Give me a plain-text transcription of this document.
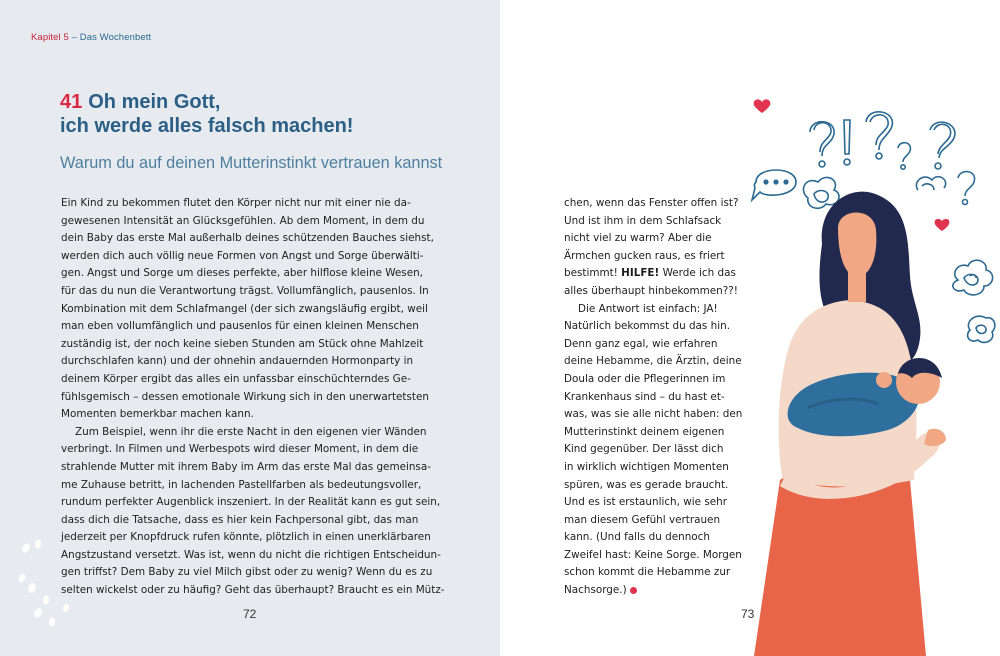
Kapitel 5 – Das Wochenbett
41 Oh mein Gott,
ich werde alles falsch machen!
Warum du auf deinen Mutterinstinkt vertrauen kannst
72	73
Ein Kind zu bekommen flutet den Körper nicht nur mit einer nie da-
gewesenen Intensität an Glücksgefühlen. Ab dem Moment, in dem du
dein Baby das erste Mal außerhalb deines schützenden Bauches siehst,
werden dich auch völlig neue Formen von Angst und Sorge überwälti-
gen. Angst und Sorge um dieses perfekte, aber hilflose kleine Wesen,
für das du nun die Verantwortung trägst. Vollumfänglich, pausenlos. In
Kombination mit dem Schlafmangel (der sich zwangsläufig ergibt, weil
man eben vollumfänglich und pausenlos für einen kleinen Menschen
zuständig ist, der noch keine sieben Stunden am Stück ohne Mahlzeit
durchschlafen kann) und der ohnehin andauernden Hormonparty in
deinem Körper ergibt das alles ein unfassbar einschüchterndes Ge-
fühlsgemisch – dessen emotionale Wirkung sich in den unerwartetsten
Momenten bemerkbar machen kann.
Zum Beispiel, wenn ihr die erste Nacht in den eigenen vier Wänden
verbringt. In Filmen und Werbespots wird dieser Moment, in dem die
strahlende Mutter mit ihrem Baby im Arm das erste Mal das gemeinsa-
me Zuhause betritt, in lachenden Pastellfarben als bedeutungsvoller,
rundum perfekter Augenblick inszeniert. In der Realität kann es gut sein,
dass dich die Tatsache, dass es hier kein Fachpersonal gibt, das man
jederzeit per Knopfdruck rufen könnte, plötzlich in einen unerklärbaren
Angstzustand versetzt. Was ist, wenn du nicht die richtigen Entscheidun-
gen triffst? Dem Baby zu viel Milch gibst oder zu wenig? Wenn du es zu
selten wickelst oder zu häufig? Geht das überhaupt? Braucht es ein Mütz-
chen, wenn das Fenster offen ist?
Und ist ihm in dem Schlafsack
nicht viel zu warm? Aber die
Ärmchen gucken raus, es friert
bestimmt! HILFE! Werde ich das
alles überhaupt hinbekommen??!
Die Antwort ist einfach: JA!
Natürlich bekommst du das hin.
Denn ganz egal, wie erfahren
deine Hebamme, die Ärztin, deine
Doula oder die Pflegerinnen im
Krankenhaus sind – du hast et-
was, was sie alle nicht haben: den
Mutterinstinkt deinem eigenen
Kind gegenüber. Der lässt dich
in wirklich wichtigen Momenten
spüren, was es gerade braucht.
Und es ist erstaunlich, wie sehr
man diesem Gefühl vertrauen
kann. (Und falls du dennoch
Zweifel hast: Keine Sorge. Morgen
schon kommt die Hebamme zur
Nachsorge.)
